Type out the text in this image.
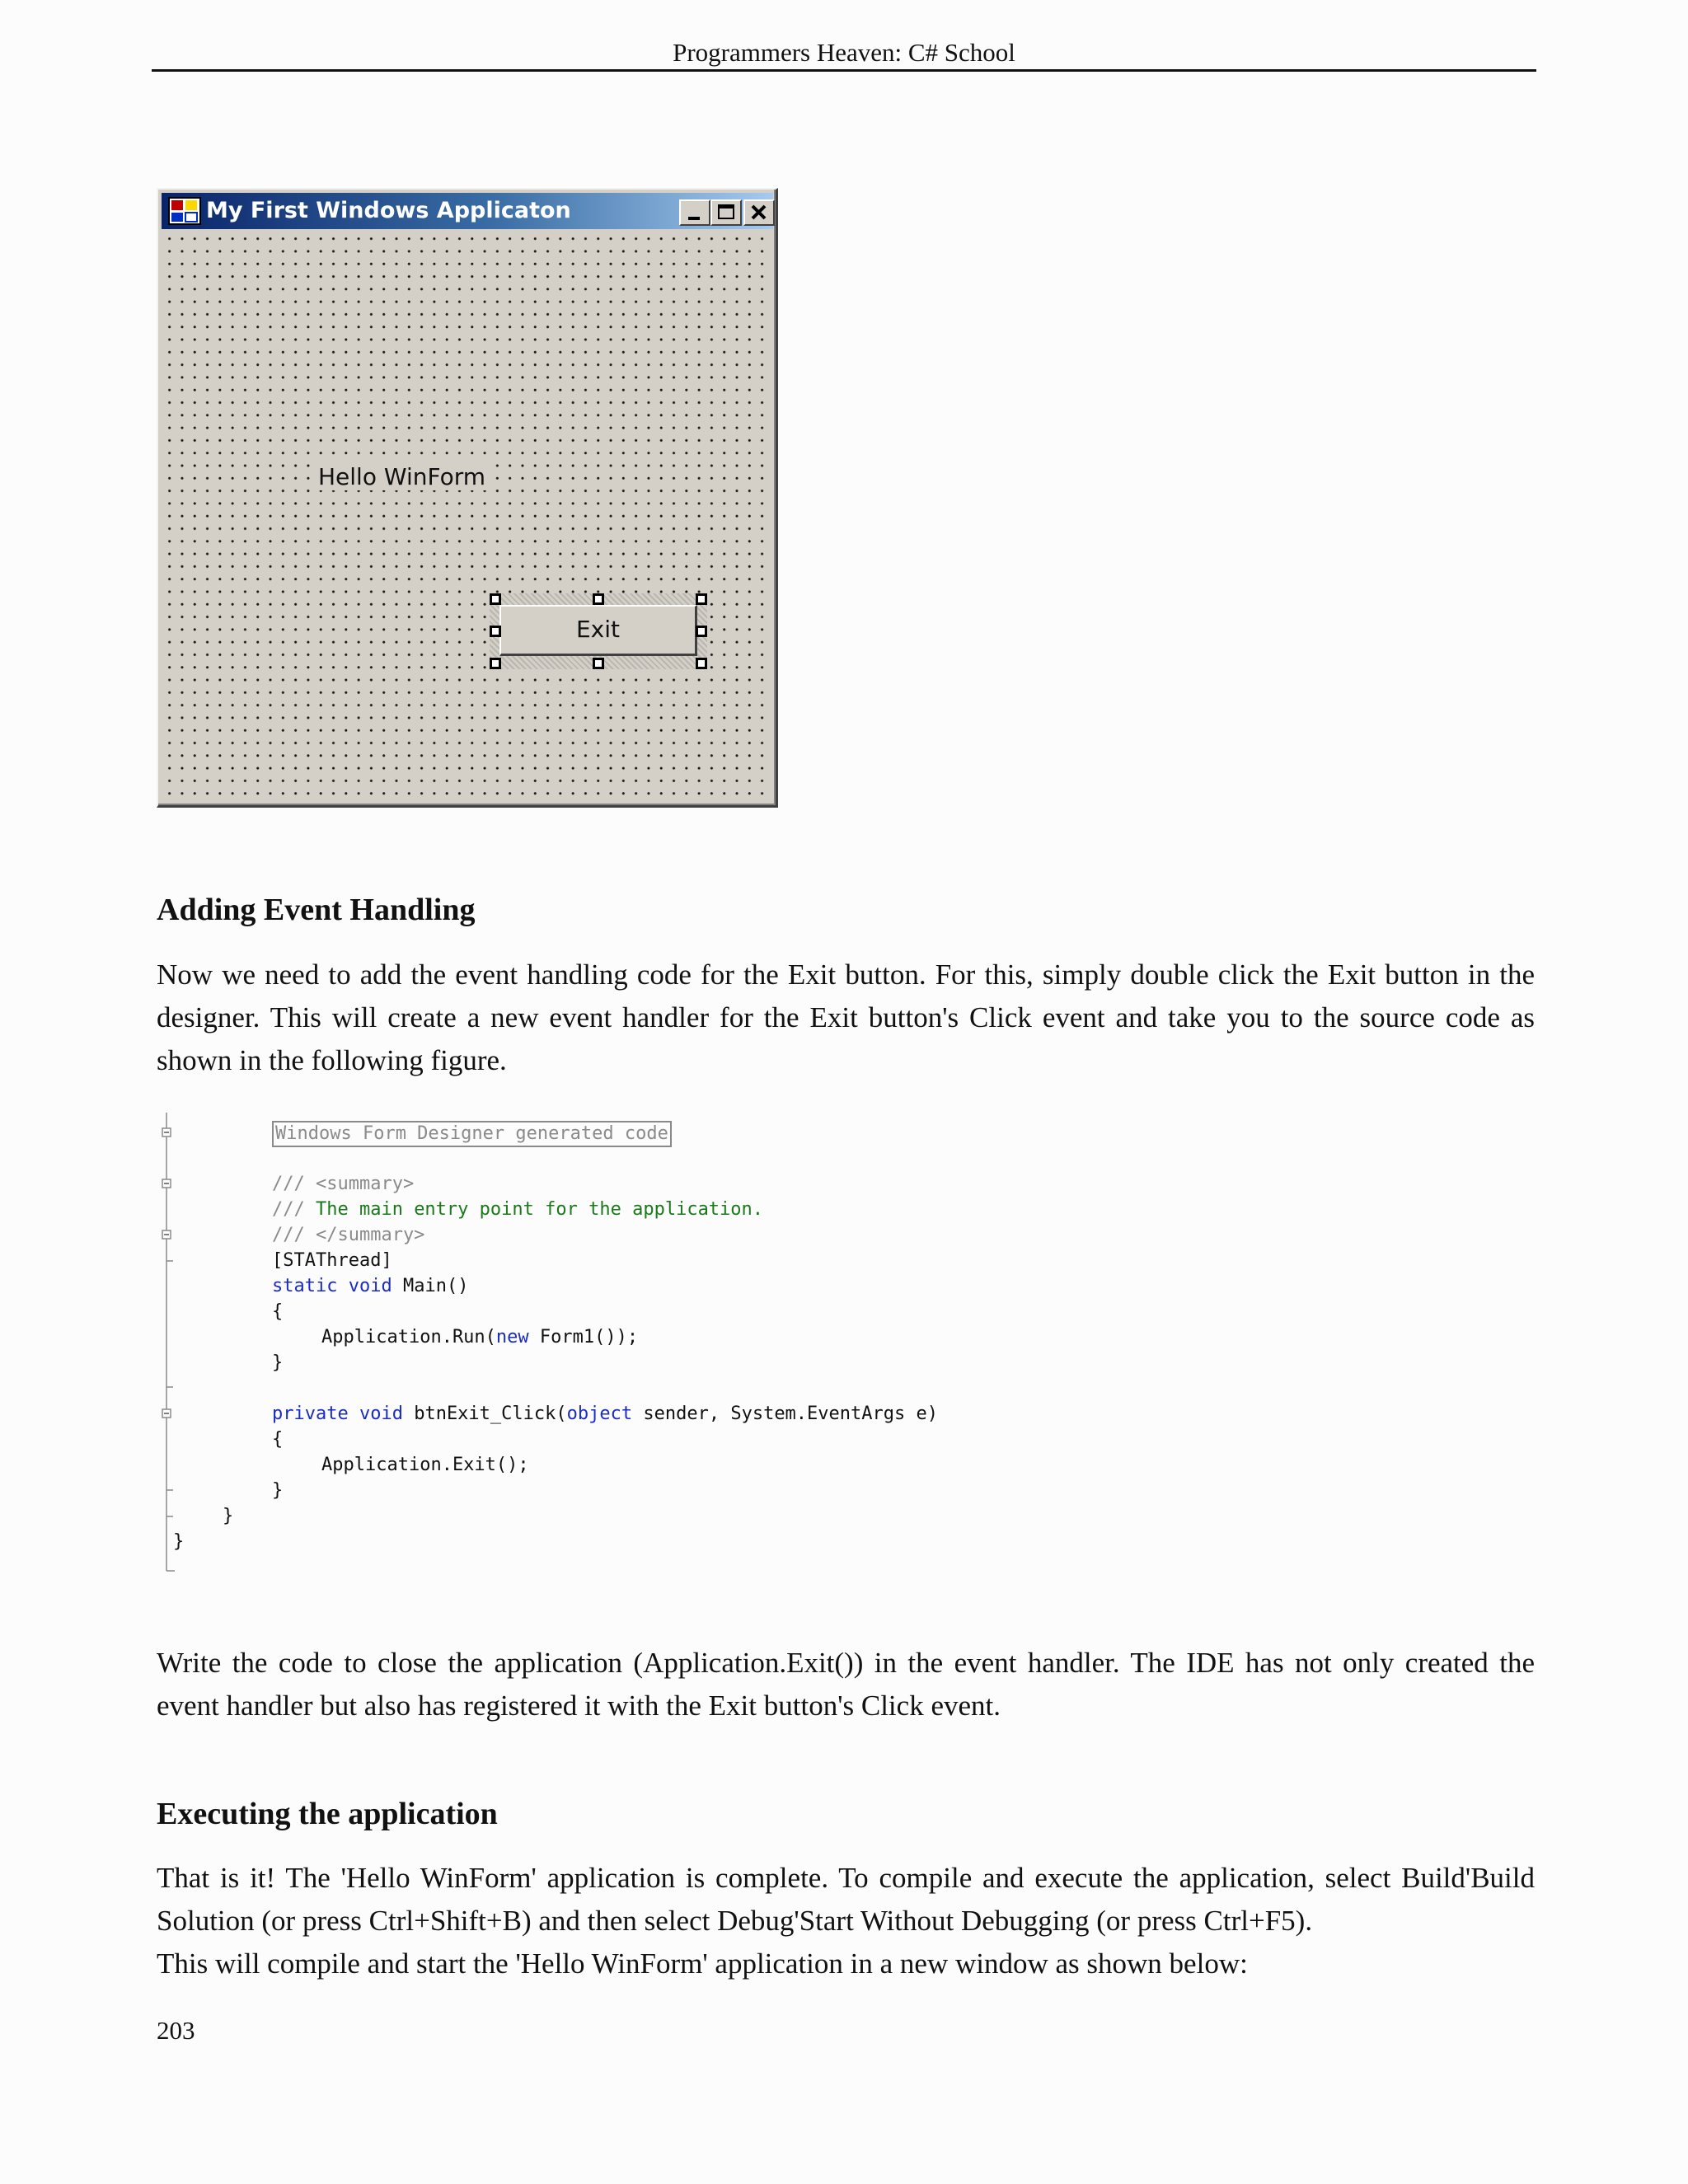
Programmers Heaven: C# School
My First Windows Applicaton
Hello WinForm
Exit
Adding Event Handling

Now we need to add the event handling code for the Exit button. For this, simply double click the Exit button in the designer. This will create a new event handler for the Exit button's Click event and take you to the source code as shown in the following figure.

Windows Form Designer generated code
/// <summary>
/// The main entry point for the application.
/// </summary>
[STAThread]
static void Main()
{
Application.Run(new Form1());
}
private void btnExit_Click(object sender, System.EventArgs e)
{
Application.Exit();
}
}
}

Write the code to close the application (Application.Exit()) in the event handler. The IDE has not only created the event handler but also has registered it with the Exit button's Click event.

Executing the application

That is it! The 'Hello WinForm' application is complete. To compile and execute the application, select Build'Build Solution (or press Ctrl+Shift+B) and then select Debug'Start Without Debugging (or press Ctrl+F5).

This will compile and start the 'Hello WinForm' application in a new window as shown below:
203
